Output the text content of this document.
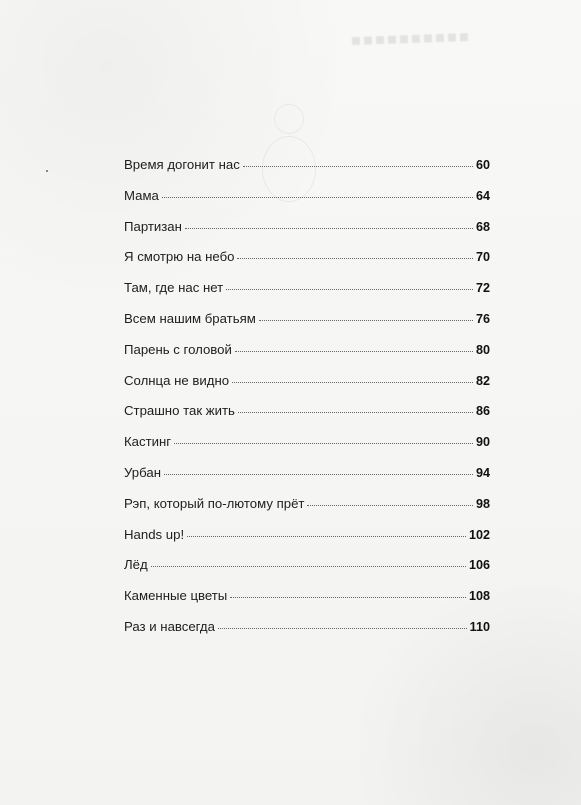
Время догонит нас	60
Мама	64
Партизан	68
Я смотрю на небо	70
Там, где нас нет	72
Всем нашим братьям	76
Парень с головой	80
Солнца не видно	82
Страшно так жить	86
Кастинг	90
Урбан	94
Рэп, который по-лютому прёт	98
Hands up!	102
Лёд	106
Каменные цветы	108
Раз и навсегда	110
